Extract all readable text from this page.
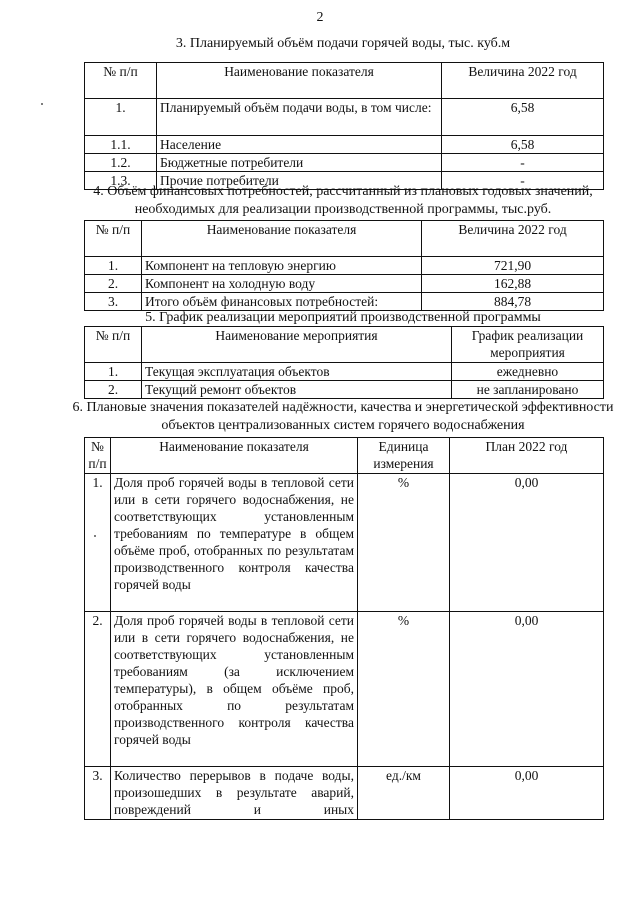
2
3. Планируемый объём подачи горячей воды, тыс. куб.м
№ п/п	Наименование показателя	Величина 2022 год
1.	Планируемый объём подачи воды, в том числе:	6,58
1.1.	Население	6,58
1.2.	Бюджетные потребители	-
1.3.	Прочие потребители	-
4. Объём финансовых потребностей, рассчитанный из плановых годовых значений, необходимых для реализации производственной программы, тыс.руб.
№ п/п	Наименование показателя	Величина 2022 год
1.	Компонент на тепловую энергию	721,90
2.	Компонент на холодную воду	162,88
3.	Итого объём финансовых потребностей:	884,78
5. График реализации мероприятий производственной программы
№ п/п	Наименование мероприятия	График реализации мероприятия
1.	Текущая эксплуатация объектов	ежедневно
2.	Текущий ремонт объектов	не запланировано
6. Плановые значения показателей надёжности, качества и энергетической эффективности объектов централизованных систем горячего водоснабжения
№ п/п	Наименование показателя	Единица измерения	План 2022 год
1.	Доля проб горячей воды в тепловой сети или в сети горячего водоснабжения, не соответствующих установленным требованиям по температуре в общем объёме проб, отобранных по результатам производственного контроля качества горячей воды	%	0,00
2.	Доля проб горячей воды в тепловой сети или в сети горячего водоснабжения, не соответствующих установленным требованиям (за исключением температуры), в общем объёме проб, отобранных по результатам производственного контроля качества горячей воды	%	0,00
3.	Количество перерывов в подаче воды, произошедших в результате аварий, повреждений и иных	ед./км	0,00
